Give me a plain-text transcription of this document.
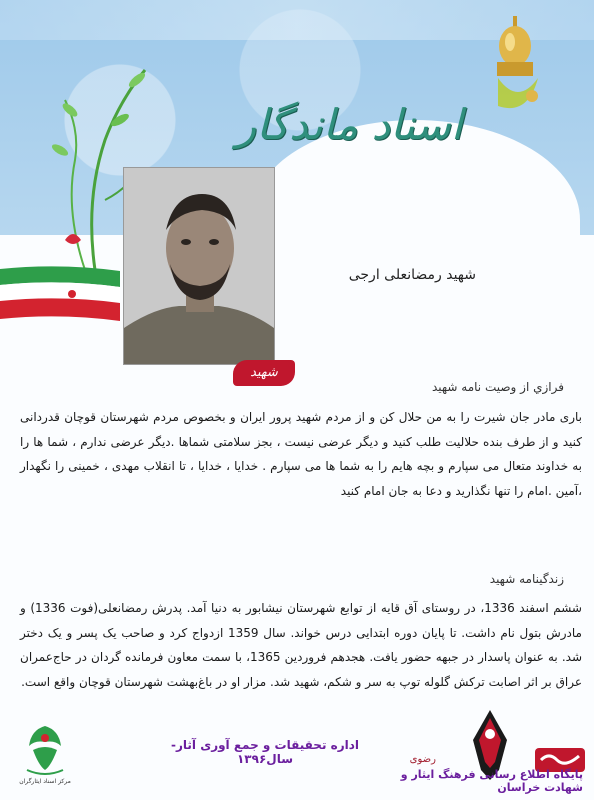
اسناد ماندگار
شهید
شهید رمضانعلی ارجی
فرازي از وصيت نامه شهيد
باری مادر جان شیرت را به من حلال کن و از مردم شهید پرور ایران و بخصوص مردم شهرستان قوچان قدردانی کنید و از طرف بنده حلالیت طلب کنید و دیگر عرضی نیست ، بجز سلامتی شماها .دیگر عرضی ندارم ، شما ها را به خداوند متعال می سپارم و بچه هایم را به شما ها می سپارم . خدایا ، خدایا ، تا انقلاب مهدی ، خمینی را نگهدار ،آمین .امام را تنها نگذارید و دعا به جان امام کنید
زندگينامه شهيد
ششم اسفند 1336، در روستای آق قایه از توابع شهرستان نیشابور به دنیا آمد. پدرش رمضانعلی(فوت 1336) و مادرش بتول نام داشت. تا پایان دوره ابتدایی درس خواند. سال 1359 ازدواج کرد و صاحب یک پسر و یک دختر شد. به عنوان پاسدار در جبهه حضور یافت. هجدهم فروردین 1365، با سمت معاون فرمانده گردان در حاج‌عمران عراق بر اثر اصابت ترکش گلوله توپ به سر و شکم، شهید شد. مزار او در باغ‌بهشت شهرستان قوچان واقع است.
مرکز اسناد ایثارگران
اداره تحقیقات و جمع آوری آثار- سال۱۳۹۶	رضوی
پایگاه اطلاع رسانی فرهنگ ایثار و شهادت خراسان
